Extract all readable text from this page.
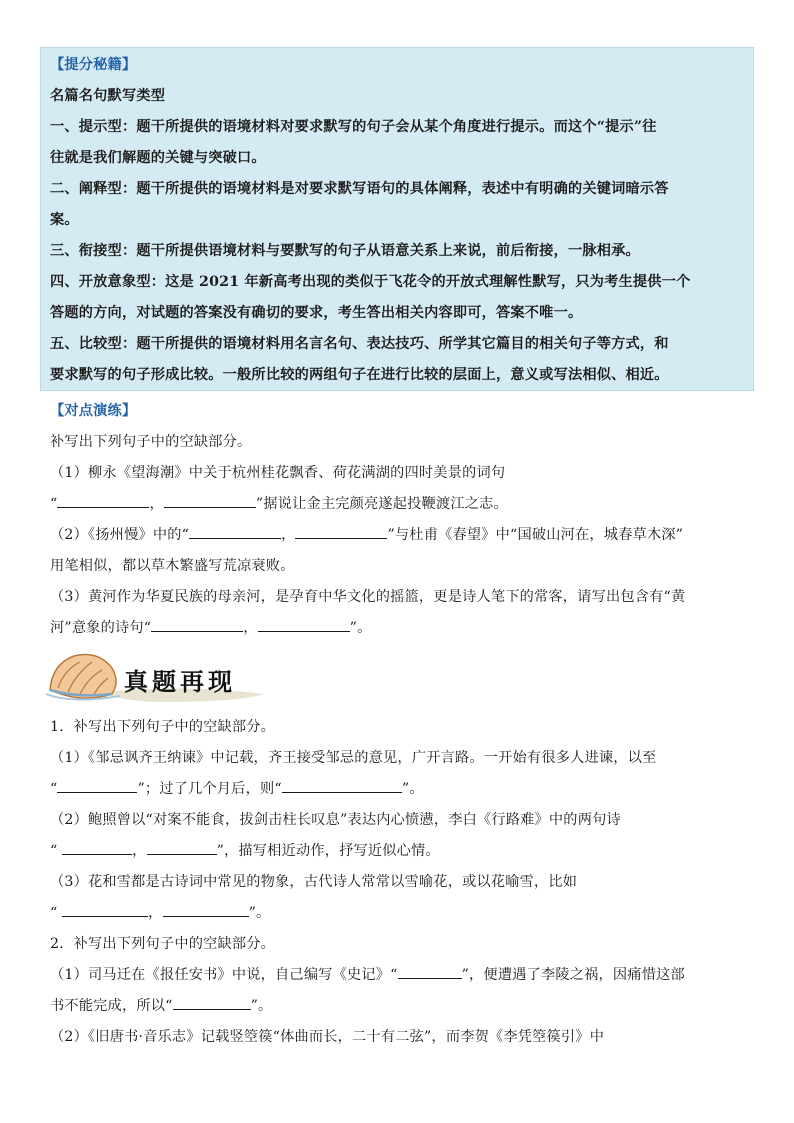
【提分秘籍】
名篇名句默写类型
一、提示型：题干所提供的语境材料对要求默写的句子会从某个角度进行提示。而这个“提示”往
往就是我们解题的关键与突破口。
二、阐释型：题干所提供的语境材料是对要求默写语句的具体阐释，表述中有明确的关键词暗示答
案。
三、衔接型：题干所提供语境材料与要默写的句子从语意关系上来说，前后衔接，一脉相承。
四、开放意象型：这是 2021 年新高考出现的类似于飞花令的开放式理解性默写，只为考生提供一个
答题的方向，对试题的答案没有确切的要求，考生答出相关内容即可，答案不唯一。
五、比较型：题干所提供的语境材料用名言名句、表达技巧、所学其它篇目的相关句子等方式，和
要求默写的句子形成比较。一般所比较的两组句子在进行比较的层面上，意义或写法相似、相近。
【对点演练】
补写出下列句子中的空缺部分。
（1）柳永《望海潮》中关于杭州桂花飘香、荷花满湖的四时美景的词句
“	，	”据说让金主完颜亮遂起投鞭渡江之志。
（2）《扬州慢》中的“	，	”与杜甫《春望》中“国破山河在，城春草木深”
用笔相似，都以草木繁盛写荒凉衰败。
（3）黄河作为华夏民族的母亲河，是孕育中华文化的摇篮，更是诗人笔下的常客，请写出包含有“黄
河”意象的诗句“	，	”。
真题再现
1．补写出下列句子中的空缺部分。
（1）《邹忌讽齐王纳谏》中记载，齐王接受邹忌的意见，广开言路。一开始有很多人进谏，以至
“	”；过了几个月后，则“	”。
（2）鲍照曾以“对案不能食，拔剑击柱长叹息”表达内心愤懑，李白《行路难》中的两句诗
“	，	”，描写相近动作，抒写近似心情。
（3）花和雪都是古诗词中常见的物象，古代诗人常常以雪喻花，或以花喻雪，比如
“	，	”。
2．补写出下列句子中的空缺部分。
（1）司马迁在《报任安书》中说，自己编写《史记》“	”，便遭遇了李陵之祸，因痛惜这部
书不能完成，所以“	”。
（2）《旧唐书·音乐志》记载竖箜篌“体曲而长，二十有二弦”，而李贺《李凭箜篌引》中
